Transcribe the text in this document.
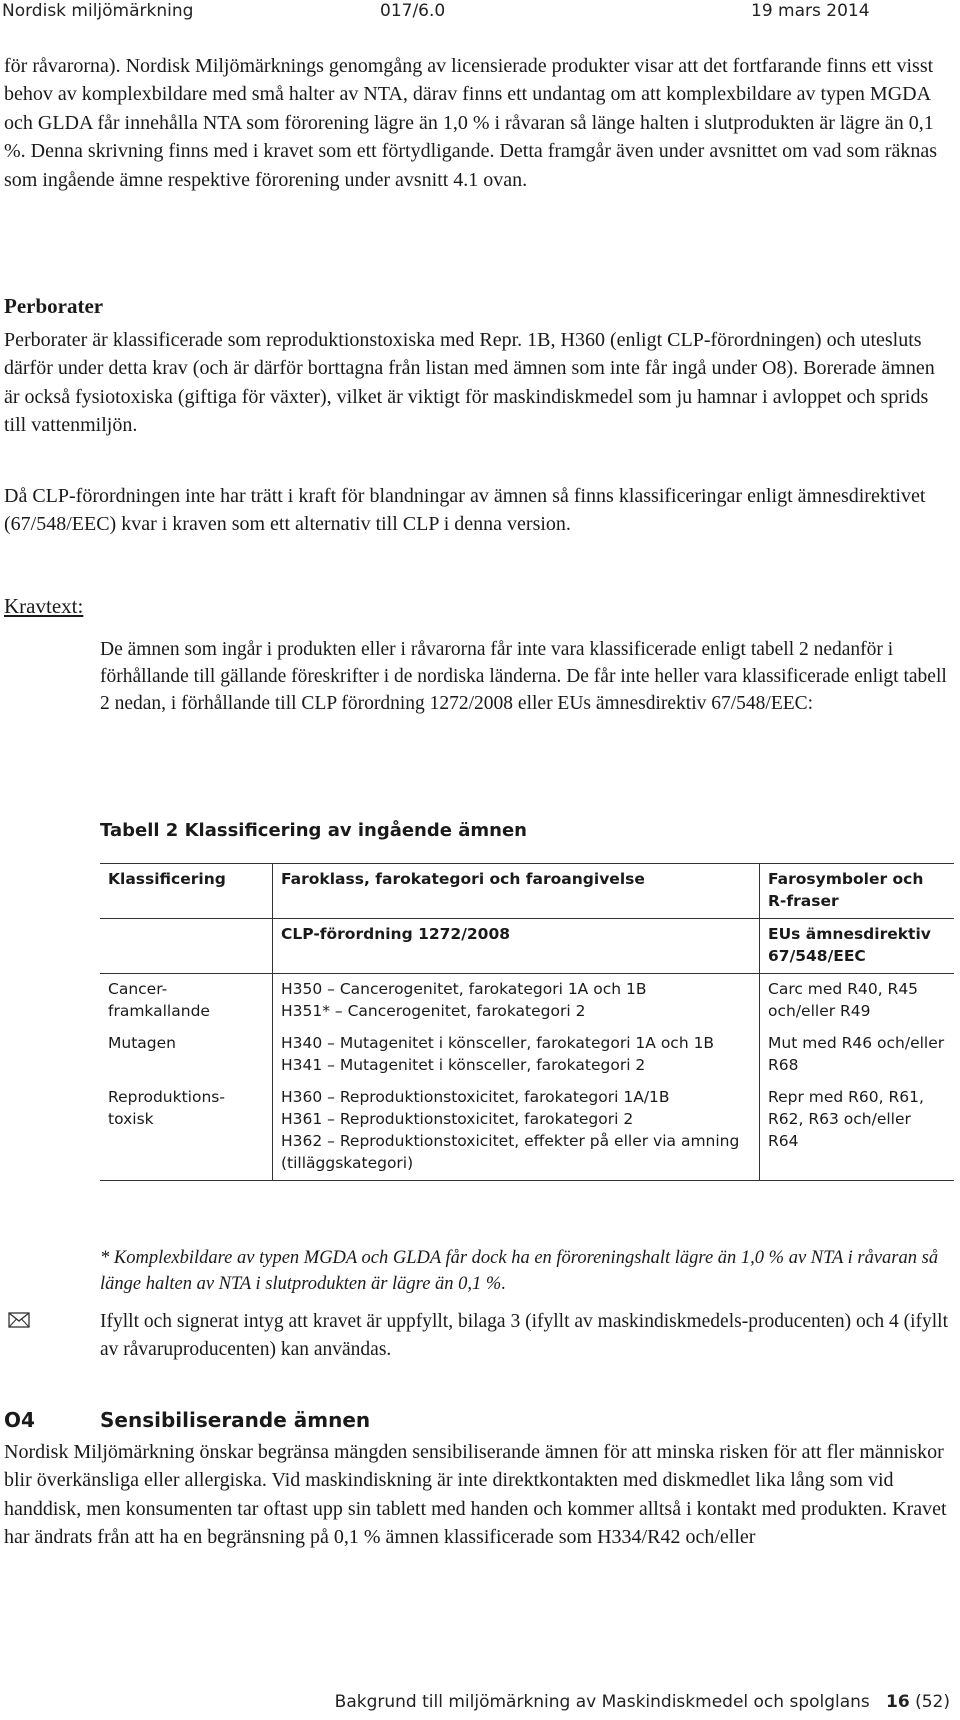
Nordisk miljömärkning	017/6.0	19 mars 2014
för råvarorna). Nordisk Miljömärknings genomgång av licensierade produkter visar att det fortfarande finns ett visst behov av komplexbildare med små halter av NTA, därav finns ett undantag om att komplexbildare av typen MGDA och GLDA får innehålla NTA som förorening lägre än 1,0 % i råvaran så länge halten i slutprodukten är lägre än 0,1 %. Denna skrivning finns med i kravet som ett förtydligande. Detta framgår även under avsnittet om vad som räknas som ingående ämne respektive förorening under avsnitt 4.1 ovan.
Perborater
Perborater är klassificerade som reproduktionstoxiska med Repr. 1B, H360 (enligt CLP-förordningen) och utesluts därför under detta krav (och är därför borttagna från listan med ämnen som inte får ingå under O8). Borerade ämnen är också fysiotoxiska (giftiga för växter), vilket är viktigt för maskindiskmedel som ju hamnar i avloppet och sprids till vattenmiljön.
Då CLP-förordningen inte har trätt i kraft för blandningar av ämnen så finns klassificeringar enligt ämnesdirektivet (67/548/EEC) kvar i kraven som ett alternativ till CLP i denna version.
Kravtext:
De ämnen som ingår i produkten eller i råvarorna får inte vara klassificerade enligt tabell 2 nedanför i förhållande till gällande föreskrifter i de nordiska länderna. De får inte heller vara klassificerade enligt tabell 2 nedan, i förhållande till CLP förordning 1272/2008 eller EUs ämnesdirektiv 67/548/EEC:
Tabell 2 Klassificering av ingående ämnen
Klassificering	Faroklass, farokategori och faroangivelse	Farosymboler och R-fraser
	CLP-förordning 1272/2008	EUs ämnesdirektiv 67/548/EEC
Cancer-framkallande	H350 – Cancerogenitet, farokategori 1A och 1B
H351* – Cancerogenitet, farokategori 2	Carc med R40, R45 och/eller R49
Mutagen	H340 – Mutagenitet i könsceller, farokategori 1A och 1B
H341 – Mutagenitet i könsceller, farokategori 2	Mut med R46 och/eller R68
Reproduktions-toxisk	H360 – Reproduktionstoxicitet, farokategori 1A/1B
H361 – Reproduktionstoxicitet, farokategori 2
H362 – Reproduktionstoxicitet, effekter på eller via amning (tilläggskategori)	Repr med R60, R61, R62, R63 och/eller R64
* Komplexbildare av typen MGDA och GLDA får dock ha en föroreningshalt lägre än 1,0 % av NTA i råvaran så länge halten av NTA i slutprodukten är lägre än 0,1 %.
Ifyllt och signerat intyg att kravet är uppfyllt, bilaga 3 (ifyllt av maskindiskmedels-producenten) och 4 (ifyllt av råvaruproducenten) kan användas.
O4	Sensibiliserande ämnen
Nordisk Miljömärkning önskar begränsa mängden sensibiliserande ämnen för att minska risken för att fler människor blir överkänsliga eller allergiska. Vid maskindiskning är inte direktkontakten med diskmedlet lika lång som vid handdisk, men konsumenten tar oftast upp sin tablett med handen och kommer alltså i kontakt med produkten. Kravet har ändrats från att ha en begränsning på 0,1 % ämnen klassificerade som H334/R42 och/eller
Bakgrund till miljömärkning av Maskindiskmedel och spolglans 16 (52)
